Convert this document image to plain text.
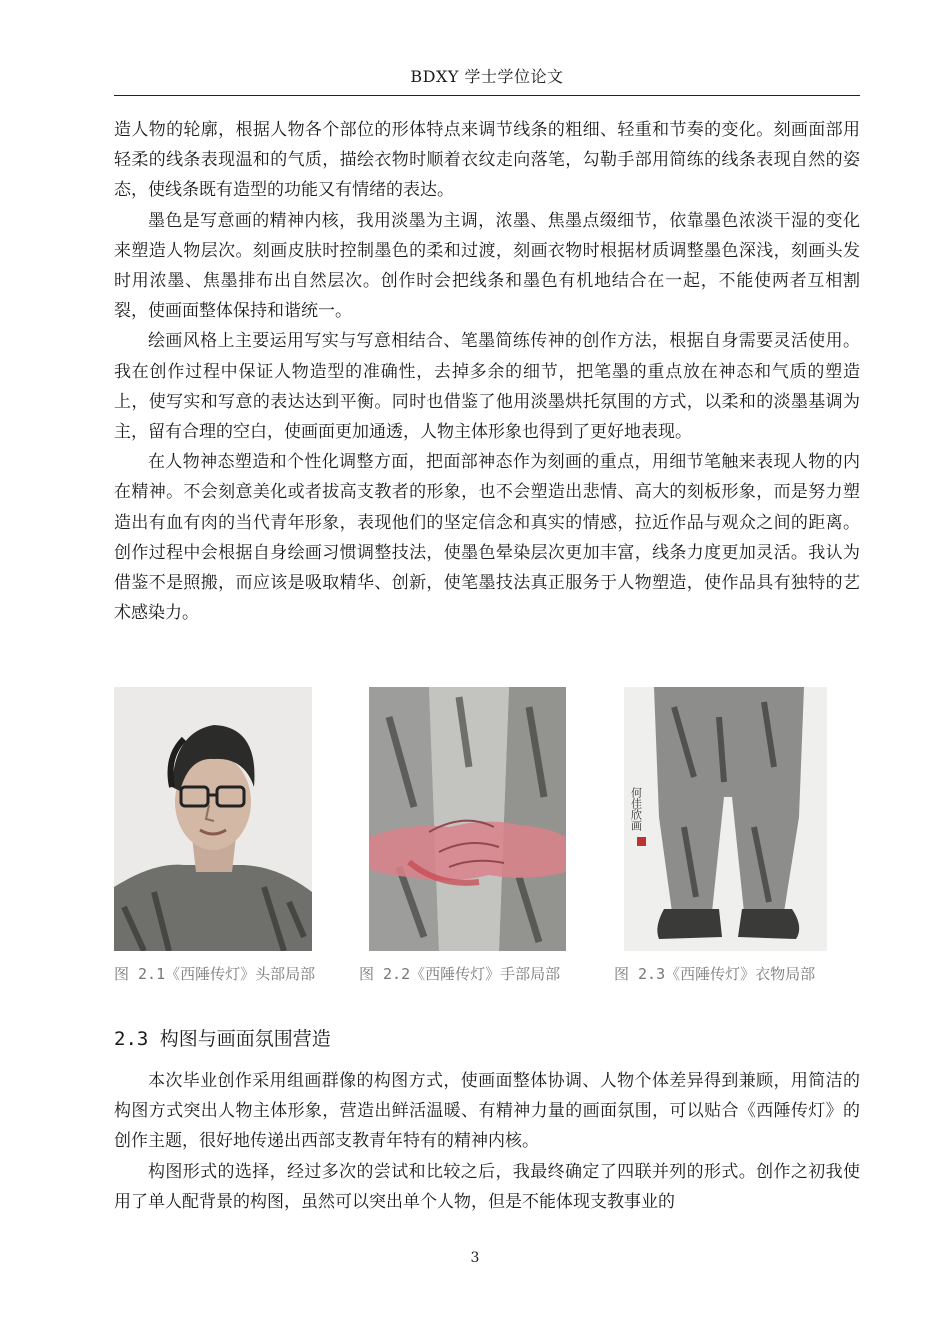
BDXY 学士学位论文

造人物的轮廓，根据人物各个部位的形体特点来调节线条的粗细、轻重和节奏的变化。刻画面部用轻柔的线条表现温和的气质，描绘衣物时顺着衣纹走向落笔，勾勒手部用简练的线条表现自然的姿态，使线条既有造型的功能又有情绪的表达。

墨色是写意画的精神内核，我用淡墨为主调，浓墨、焦墨点缀细节，依靠墨色浓淡干湿的变化来塑造人物层次。刻画皮肤时控制墨色的柔和过渡，刻画衣物时根据材质调整墨色深浅，刻画头发时用浓墨、焦墨排布出自然层次。创作时会把线条和墨色有机地结合在一起，不能使两者互相割裂，使画面整体保持和谐统一。

绘画风格上主要运用写实与写意相结合、笔墨简练传神的创作方法，根据自身需要灵活使用。我在创作过程中保证人物造型的准确性，去掉多余的细节，把笔墨的重点放在神态和气质的塑造上，使写实和写意的表达达到平衡。同时也借鉴了他用淡墨烘托氛围的方式，以柔和的淡墨基调为主，留有合理的空白，使画面更加通透，人物主体形象也得到了更好地表现。

在人物神态塑造和个性化调整方面，把面部神态作为刻画的重点，用细节笔触来表现人物的内在精神。不会刻意美化或者拔高支教者的形象，也不会塑造出悲情、高大的刻板形象，而是努力塑造出有血有肉的当代青年形象，表现他们的坚定信念和真实的情感，拉近作品与观众之间的距离。创作过程中会根据自身绘画习惯调整技法，使墨色晕染层次更加丰富，线条力度更加灵活。我认为借鉴不是照搬，而应该是吸取精华、创新，使笔墨技法真正服务于人物塑造，使作品具有独特的艺术感染力。

图 2.1《西陲传灯》头部局部	图 2.2《西陲传灯》手部局部
何佳欣画
图 2.3《西陲传灯》衣物局部
2.3 构图与画面氛围营造

本次毕业创作采用组画群像的构图方式，使画面整体协调、人物个体差异得到兼顾，用简洁的构图方式突出人物主体形象，营造出鲜活温暖、有精神力量的画面氛围，可以贴合《西陲传灯》的创作主题，很好地传递出西部支教青年特有的精神内核。

构图形式的选择，经过多次的尝试和比较之后，我最终确定了四联并列的形式。创作之初我使用了单人配背景的构图，虽然可以突出单个人物，但是不能体现支教事业的

3
